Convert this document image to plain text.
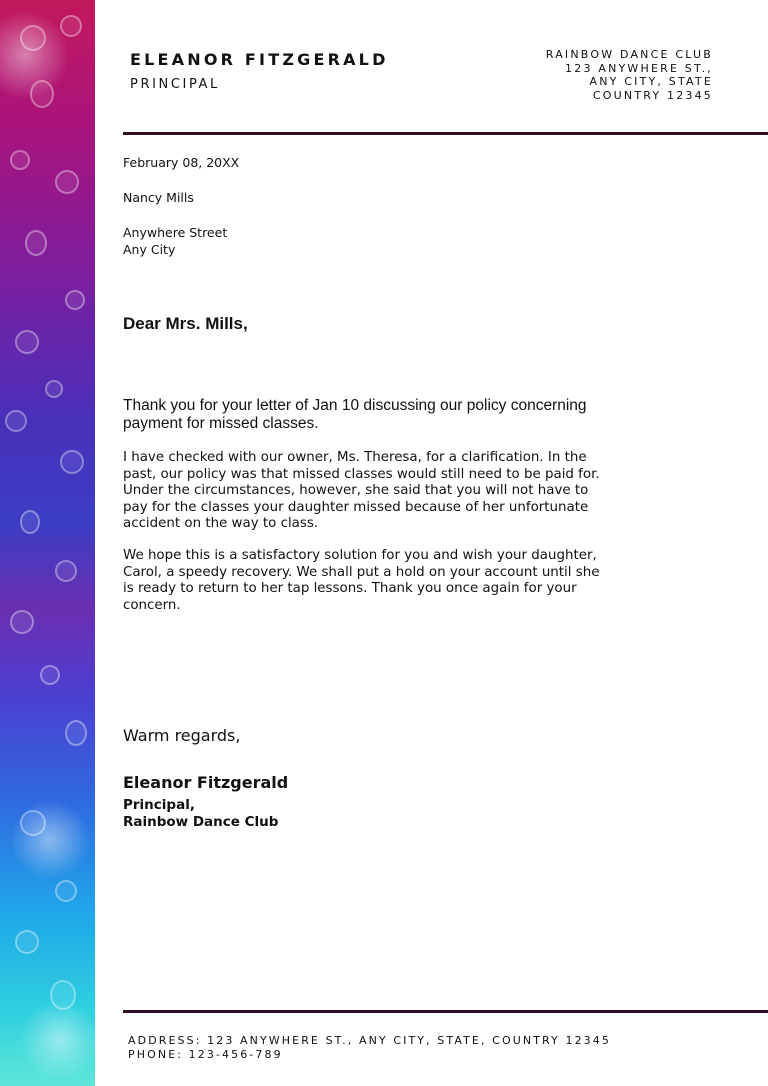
ELEANOR FITZGERALD
PRINCIPAL
RAINBOW DANCE CLUB
123 ANYWHERE ST.,
ANY CITY, STATE
COUNTRY 12345
February 08, 20XX
Nancy Mills
Anywhere Street
Any City
Dear Mrs. Mills,
Thank you for your letter of Jan 10 discussing our policy concerning payment for missed classes.
I have checked with our owner, Ms. Theresa, for a clarification. In the past, our policy was that missed classes would still need to be paid for. Under the circumstances, however, she said that you will not have to pay for the classes your daughter missed because of her unfortunate accident on the way to class.
We hope this is a satisfactory solution for you and wish your daughter, Carol, a speedy recovery. We shall put a hold on your account until she is ready to return to her tap lessons. Thank you once again for your concern.
Warm regards,
Eleanor Fitzgerald
Principal,
Rainbow Dance Club
ADDRESS: 123 ANYWHERE ST., ANY CITY, STATE, COUNTRY 12345
PHONE: 123-456-789
